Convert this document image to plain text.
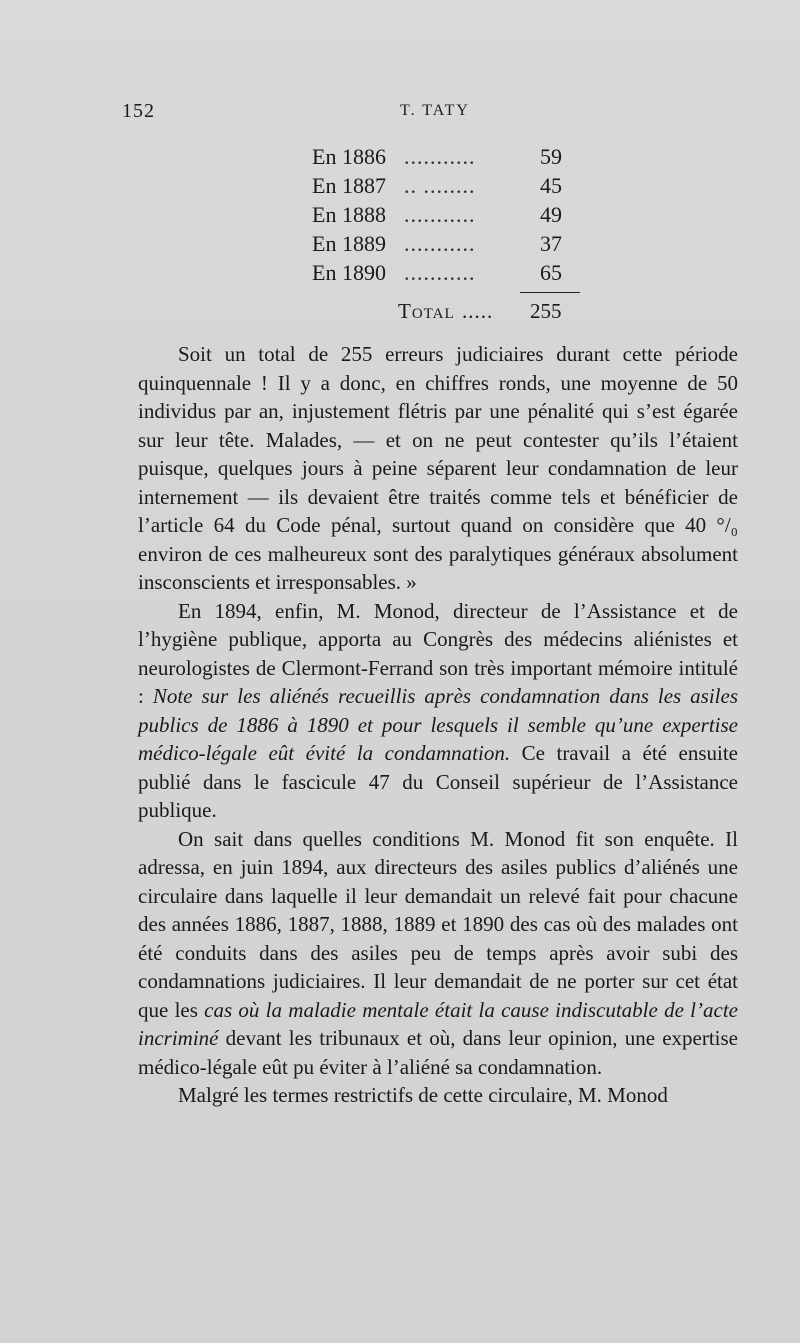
152	T. TATY
En 1886 ...........	59
En 1887 .. ........	45
En 1888 ...........	49
En 1889 ...........	37
En 1890 ...........	65
Total .....	255

Soit un total de 255 erreurs judiciaires durant cette période quinquennale ! Il y a donc, en chiffres ronds, une moyenne de 50 individus par an, injustement flétris par une pénalité qui s’est égarée sur leur tête. Malades, — et on ne peut contester qu’ils l’étaient puisque, quelques jours à peine séparent leur condamnation de leur internement — ils devaient être traités comme tels et bénéficier de l’article 64 du Code pénal, surtout quand on considère que 40 °/₀ environ de ces malheureux sont des paralytiques généraux absolument insconscients et irresponsables. »

En 1894, enfin, M. Monod, directeur de l’Assistance et de l’hygiène publique, apporta au Congrès des médecins aliénistes et neurologistes de Clermont-Ferrand son très important mémoire intitulé : Note sur les aliénés recueillis après condamnation dans les asiles publics de 1886 à 1890 et pour lesquels il semble qu’une expertise médico-légale eût évité la condamnation. Ce travail a été ensuite publié dans le fascicule 47 du Conseil supérieur de l’Assistance publique.

On sait dans quelles conditions M. Monod fit son enquête. Il adressa, en juin 1894, aux directeurs des asiles publics d’aliénés une circulaire dans laquelle il leur demandait un relevé fait pour chacune des années 1886, 1887, 1888, 1889 et 1890 des cas où des malades ont été conduits dans des asiles peu de temps après avoir subi des condamnations judiciaires. Il leur demandait de ne porter sur cet état que les cas où la maladie mentale était la cause indiscutable de l’acte incriminé devant les tribunaux et où, dans leur opinion, une expertise médico-légale eût pu éviter à l’aliéné sa condamnation.

Malgré les termes restrictifs de cette circulaire, M. Monod
